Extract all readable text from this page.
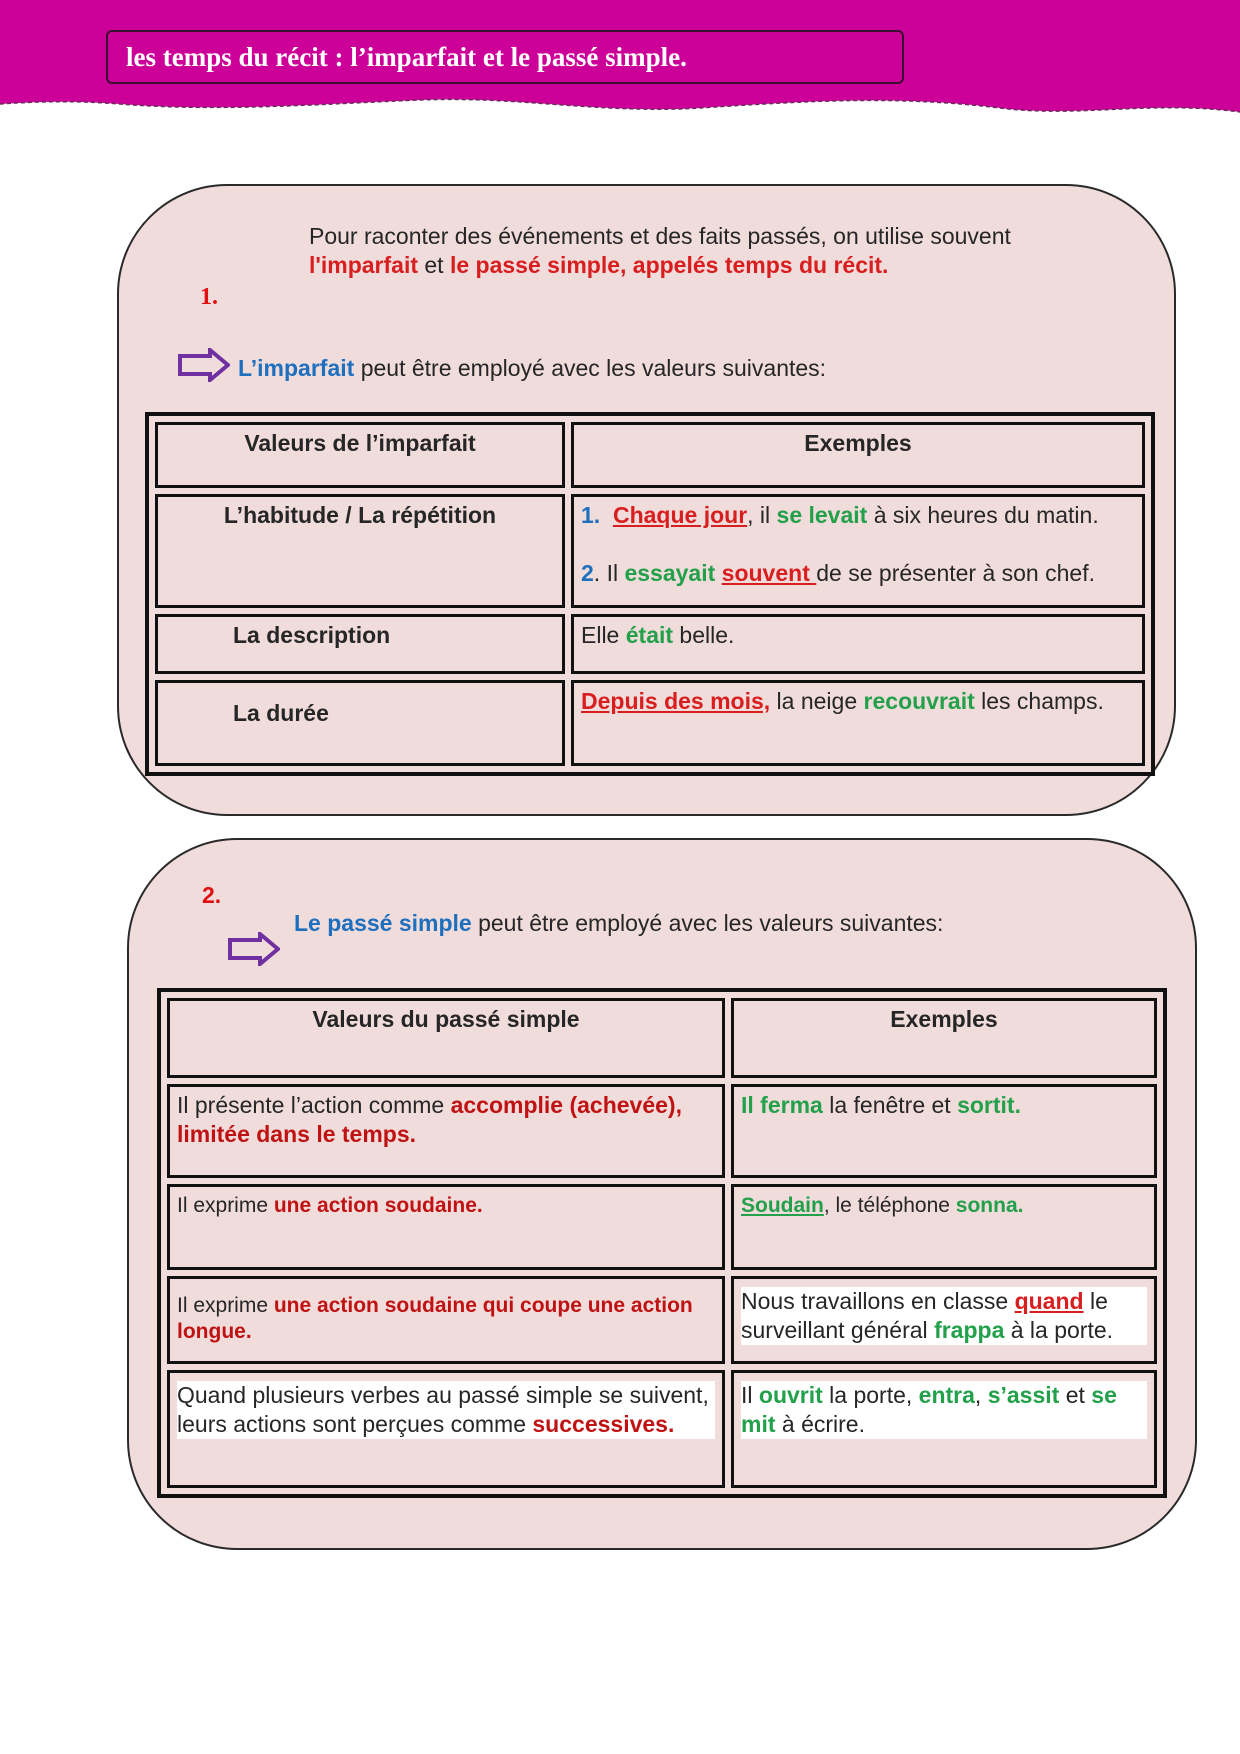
les temps du récit : l’imparfait et le passé simple.
Pour raconter des événements et des faits passés, on utilise souvent
l'imparfait et le passé simple, appelés temps du récit.
1.
L’imparfait peut être employé avec les valeurs suivantes:
Valeurs de l’imparfait	Exemples
L’habitude / La répétition	1. Chaque jour, il se levait à six heures du matin.
2. Il essayait souvent de se présenter à son chef.
La description	Elle était belle.
La durée	Depuis des mois, la neige recouvrait les champs.
2.
Le passé simple peut être employé avec les valeurs suivantes:
Valeurs du passé simple	Exemples
Il présente l’action comme accomplie (achevée), limitée dans le temps.	Il ferma la fenêtre et sortit.
Il exprime une action soudaine.	Soudain, le téléphone sonna.
Il exprime une action soudaine qui coupe une action longue.	Nous travaillons en classe quand le surveillant général frappa à la porte.

Quand plusieurs verbes au passé simple se suivent, leurs actions sont perçues comme successives.	Il ouvrit la porte, entra, s’assit et se mit à écrire.
